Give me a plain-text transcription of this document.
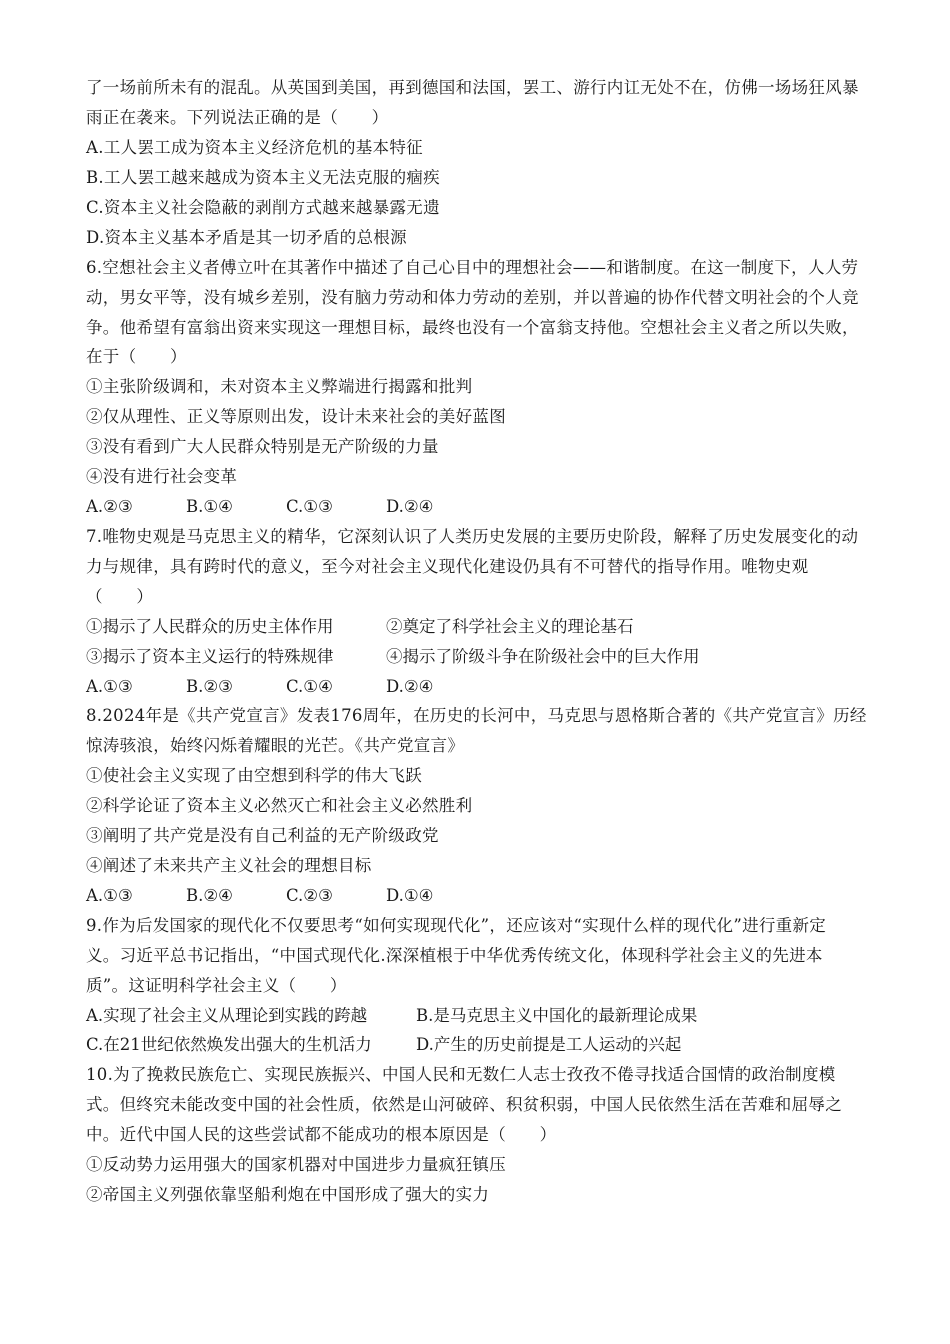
了一场前所未有的混乱。从英国到美国，再到德国和法国，罢工、游行内讧无处不在，仿佛一场场狂风暴
雨正在袭来。下列说法正确的是（　　）
A.工人罢工成为资本主义经济危机的基本特征
B.工人罢工越来越成为资本主义无法克服的痼疾
C.资本主义社会隐蔽的剥削方式越来越暴露无遗
D.资本主义基本矛盾是其一切矛盾的总根源
6.空想社会主义者傅立叶在其著作中描述了自己心目中的理想社会——和谐制度。在这一制度下，人人劳
动，男女平等，没有城乡差别，没有脑力劳动和体力劳动的差别，并以普遍的协作代替文明社会的个人竞
争。他希望有富翁出资来实现这一理想目标，最终也没有一个富翁支持他。空想社会主义者之所以失败，
在于（　　）
①主张阶级调和，未对资本主义弊端进行揭露和批判
②仅从理性、正义等原则出发，设计未来社会的美好蓝图
③没有看到广大人民群众特别是无产阶级的力量
④没有进行社会变革
A.②③	B.①④	C.①③	D.②④
7.唯物史观是马克思主义的精华，它深刻认识了人类历史发展的主要历史阶段，解释了历史发展变化的动
力与规律，具有跨时代的意义，至今对社会主义现代化建设仍具有不可替代的指导作用。唯物史观
（　　）
①揭示了人民群众的历史主体作用	②奠定了科学社会主义的理论基石
③揭示了资本主义运行的特殊规律	④揭示了阶级斗争在阶级社会中的巨大作用
A.①③	B.②③	C.①④	D.②④
8.2024年是《共产党宣言》发表176周年，在历史的长河中，马克思与恩格斯合著的《共产党宣言》历经
惊涛骇浪，始终闪烁着耀眼的光芒。《共产党宣言》
①使社会主义实现了由空想到科学的伟大飞跃
②科学论证了资本主义必然灭亡和社会主义必然胜利
③阐明了共产党是没有自己利益的无产阶级政党
④阐述了未来共产主义社会的理想目标
A.①③	B.②④	C.②③	D.①④
9.作为后发国家的现代化不仅要思考“如何实现现代化”，还应该对“实现什么样的现代化”进行重新定
义。习近平总书记指出，“中国式现代化.深深植根于中华优秀传统文化，体现科学社会主义的先进本
质”。这证明科学社会主义（　　）
A.实现了社会主义从理论到实践的跨越	B.是马克思主义中国化的最新理论成果
C.在21世纪依然焕发出强大的生机活力	D.产生的历史前提是工人运动的兴起
10.为了挽救民族危亡、实现民族振兴、中国人民和无数仁人志士孜孜不倦寻找适合国情的政治制度模
式。但终究未能改变中国的社会性质，依然是山河破碎、积贫积弱，中国人民依然生活在苦难和屈辱之
中。近代中国人民的这些尝试都不能成功的根本原因是（　　）
①反动势力运用强大的国家机器对中国进步力量疯狂镇压
②帝国主义列强依靠坚船利炮在中国形成了强大的实力
